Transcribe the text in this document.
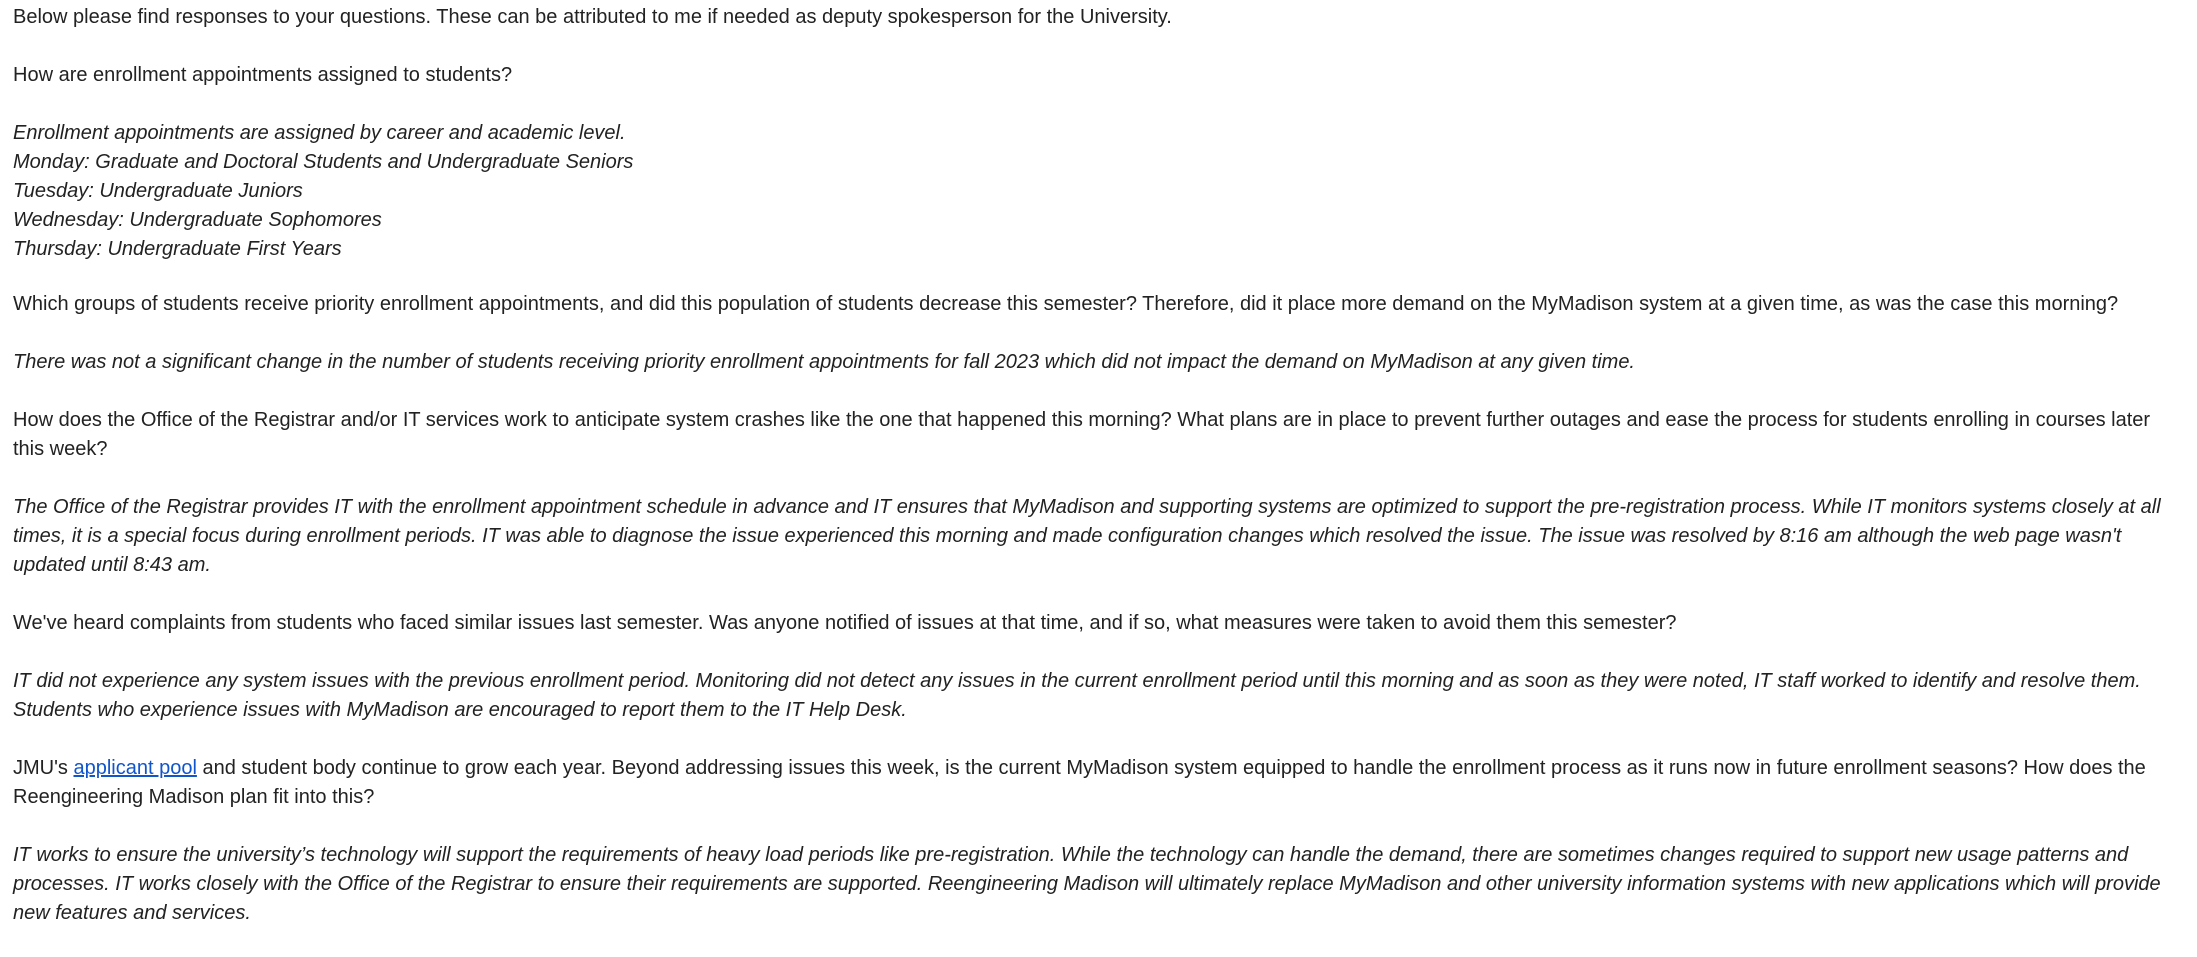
Below please find responses to your questions. These can be attributed to me if needed as deputy spokesperson for the University.

How are enrollment appointments assigned to students?

Enrollment appointments are assigned by career and academic level.
Monday: Graduate and Doctoral Students and Undergraduate Seniors
Tuesday: Undergraduate Juniors
Wednesday: Undergraduate Sophomores
Thursday: Undergraduate First Years

Which groups of students receive priority enrollment appointments, and did this population of students decrease this semester? Therefore, did it place more demand on the MyMadison system at a given time, as was the case this morning?

There was not a significant change in the number of students receiving priority enrollment appointments for fall 2023 which did not impact the demand on MyMadison at any given time.

How does the Office of the Registrar and/or IT services work to anticipate system crashes like the one that happened this morning? What plans are in place to prevent further outages and ease the process for students enrolling in courses later this week?

The Office of the Registrar provides IT with the enrollment appointment schedule in advance and IT ensures that MyMadison and supporting systems are optimized to support the pre-registration process. While IT monitors systems closely at all times, it is a special focus during enrollment periods. IT was able to diagnose the issue experienced this morning and made configuration changes which resolved the issue. The issue was resolved by 8:16 am although the web page wasn't updated until 8:43 am.

We've heard complaints from students who faced similar issues last semester. Was anyone notified of issues at that time, and if so, what measures were taken to avoid them this semester?

IT did not experience any system issues with the previous enrollment period. Monitoring did not detect any issues in the current enrollment period until this morning and as soon as they were noted, IT staff worked to identify and resolve them. Students who experience issues with MyMadison are encouraged to report them to the IT Help Desk.

JMU's applicant pool and student body continue to grow each year. Beyond addressing issues this week, is the current MyMadison system equipped to handle the enrollment process as it runs now in future enrollment seasons? How does the Reengineering Madison plan fit into this?

IT works to ensure the university’s technology will support the requirements of heavy load periods like pre-registration. While the technology can handle the demand, there are sometimes changes required to support new usage patterns and processes. IT works closely with the Office of the Registrar to ensure their requirements are supported. Reengineering Madison will ultimately replace MyMadison and other university information systems with new applications which will provide new features and services.
